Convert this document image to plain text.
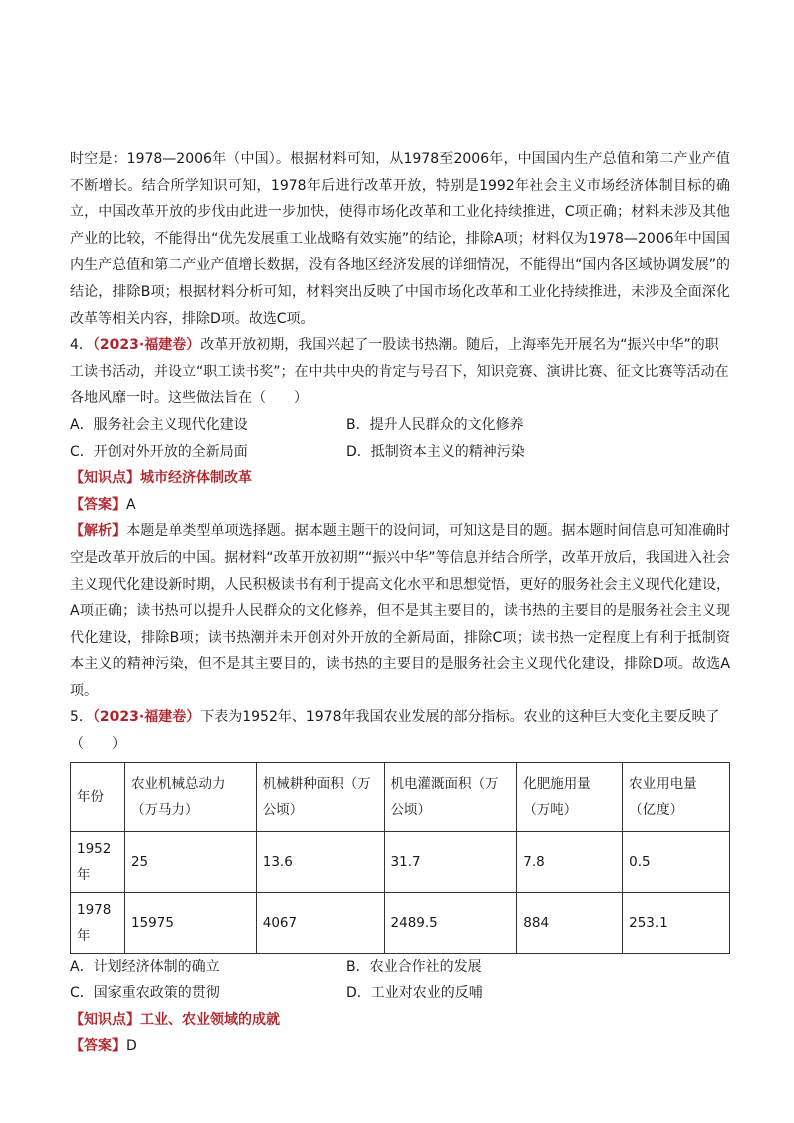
时空是：1978—2006年（中国）。根据材料可知，从1978至2006年，中国国内生产总值和第二产业产值不断增长。结合所学知识可知，1978年后进行改革开放，特别是1992年社会主义市场经济体制目标的确立，中国改革开放的步伐由此进一步加快，使得市场化改革和工业化持续推进，C项正确；材料未涉及其他产业的比较，不能得出“优先发展重工业战略有效实施”的结论，排除A项；材料仅为1978—2006年中国国内生产总值和第二产业产值增长数据，没有各地区经济发展的详细情况，不能得出“国内各区域协调发展”的结论，排除B项；根据材料分析可知，材料突出反映了中国市场化改革和工业化持续推进，未涉及全面深化改革等相关内容，排除D项。故选C项。

4．（2023·福建卷）改革开放初期，我国兴起了一股读书热潮。随后，上海率先开展名为“振兴中华”的职工读书活动，并设立“职工读书奖”；在中共中央的肯定与号召下，知识竞赛、演讲比赛、征文比赛等活动在各地风靡一时。这些做法旨在（　　）

A．服务社会主义现代化建设	B．提升人民群众的文化修养
C．开创对外开放的全新局面	D．抵制资本主义的精神污染

【知识点】城市经济体制改革

【答案】A

【解析】本题是单类型单项选择题。据本题主题干的设问词，可知这是目的题。据本题时间信息可知准确时空是改革开放后的中国。据材料“改革开放初期”“振兴中华”等信息并结合所学，改革开放后，我国进入社会主义现代化建设新时期，人民积极读书有利于提高文化水平和思想觉悟，更好的服务社会主义现代化建设，A项正确；读书热可以提升人民群众的文化修养，但不是其主要目的，读书热的主要目的是服务社会主义现代化建设，排除B项；读书热潮并未开创对外开放的全新局面，排除C项；读书热一定程度上有利于抵制资本主义的精神污染，但不是其主要目的，读书热的主要目的是服务社会主义现代化建设，排除D项。故选A项。

5．（2023·福建卷）下表为1952年、1978年我国农业发展的部分指标。农业的这种巨大变化主要反映了（　　）

年份	农业机械总动力（万马力）	机械耕种面积（万公顷）	机电灌溉面积（万公顷）	化肥施用量（万吨）	农业用电量（亿度）
1952年	25	13.6	31.7	7.8	0.5
1978年	15975	4067	2489.5	884	253.1
A．计划经济体制的确立	B．农业合作社的发展
C．国家重农政策的贯彻	D．工业对农业的反哺

【知识点】工业、农业领域的成就

【答案】D
